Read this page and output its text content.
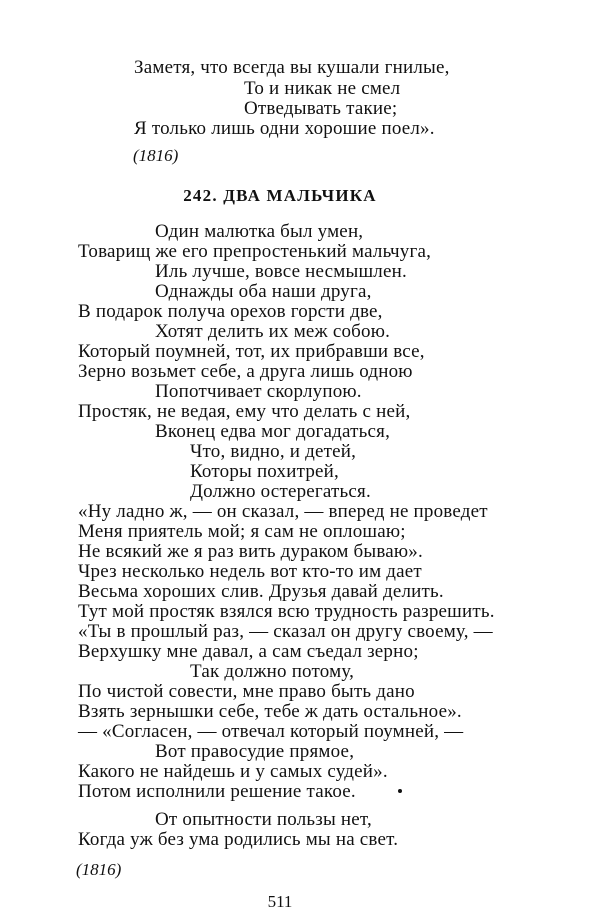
Заметя, что всегда вы кушали гнилые,
То и никак не смел
Отведывать такие;
Я только лишь одни хорошие поел».
(1816)
242. ДВА МАЛЬЧИКА
Один малютка был умен,
Товарищ же его препростенький мальчуга,
Иль лучше, вовсе несмышлен.
Однажды оба наши друга,
В подарок получа орехов горсти две,
Хотят делить их меж собою.
Который поумней, тот, их прибравши все,
Зерно возьмет себе, а друга лишь одною
Попотчивает скорлупою.
Простяк, не ведая, ему что делать с ней,
Вконец едва мог догадаться,
Что, видно, и детей,
Которы похитрей,
Должно остерегаться.
«Ну ладно ж, — он сказал, — вперед не проведет
Меня приятель мой; я сам не оплошаю;
Не всякий же я раз вить дураком бываю».
Чрез несколько недель вот кто-то им дает
Весьма хороших слив. Друзья давай делить.
Тут мой простяк взялся всю трудность разрешить.
«Ты в прошлый раз, — сказал он другу своему, —
Верхушку мне давал, а сам съедал зерно;
Так должно потому,
По чистой совести, мне право быть дано
Взять зернышки себе, тебе ж дать остальное».
— «Согласен, — отвечал который поумней, —
Вот правосудие прямое,
Какого не найдешь и у самых судей».
Потом исполнили решение такое.
От опытности пользы нет,
Когда уж без ума родились мы на свет.
(1816)
511
